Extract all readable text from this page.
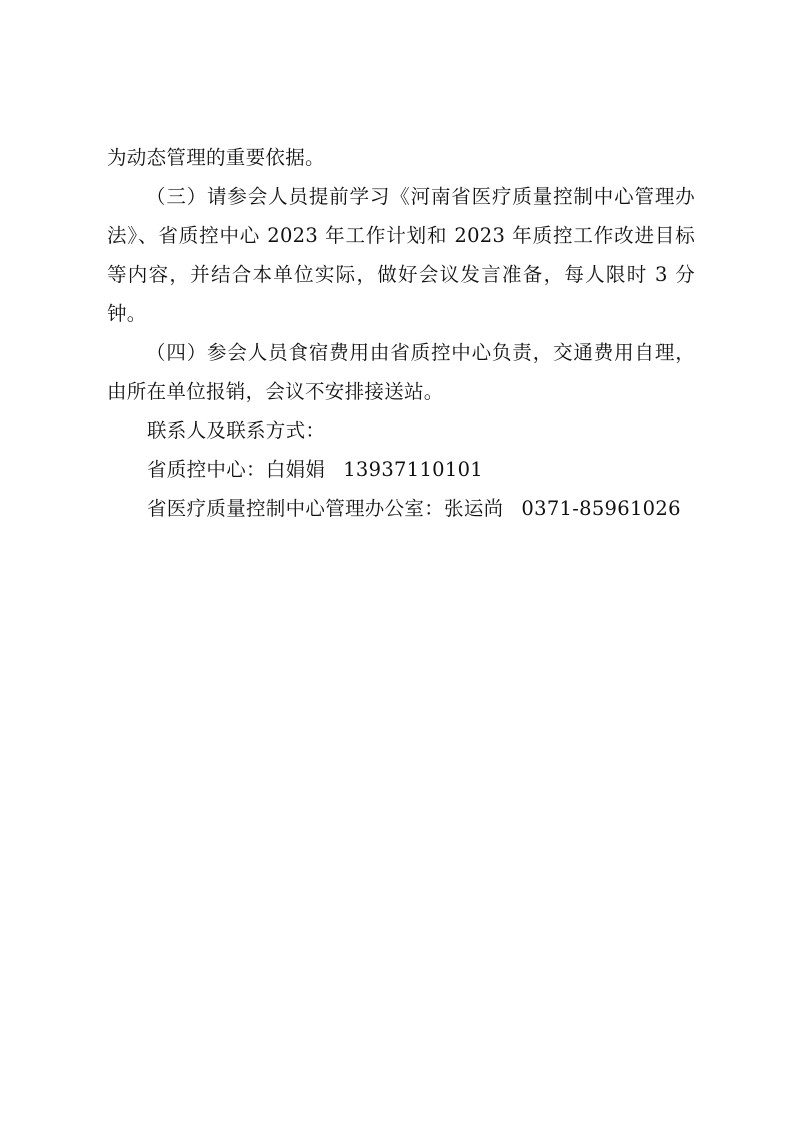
为动态管理的重要依据。

（三）请参会人员提前学习《河南省医疗质量控制中心管理办法》、省质控中心 2023 年工作计划和 2023 年质控工作改进目标等内容，并结合本单位实际，做好会议发言准备，每人限时 3 分钟。

（四）参会人员食宿费用由省质控中心负责，交通费用自理，由所在单位报销，会议不安排接送站。

联系人及联系方式：

省质控中心：白娟娟 13937110101

省医疗质量控制中心管理办公室：张运尚 0371-85961026
